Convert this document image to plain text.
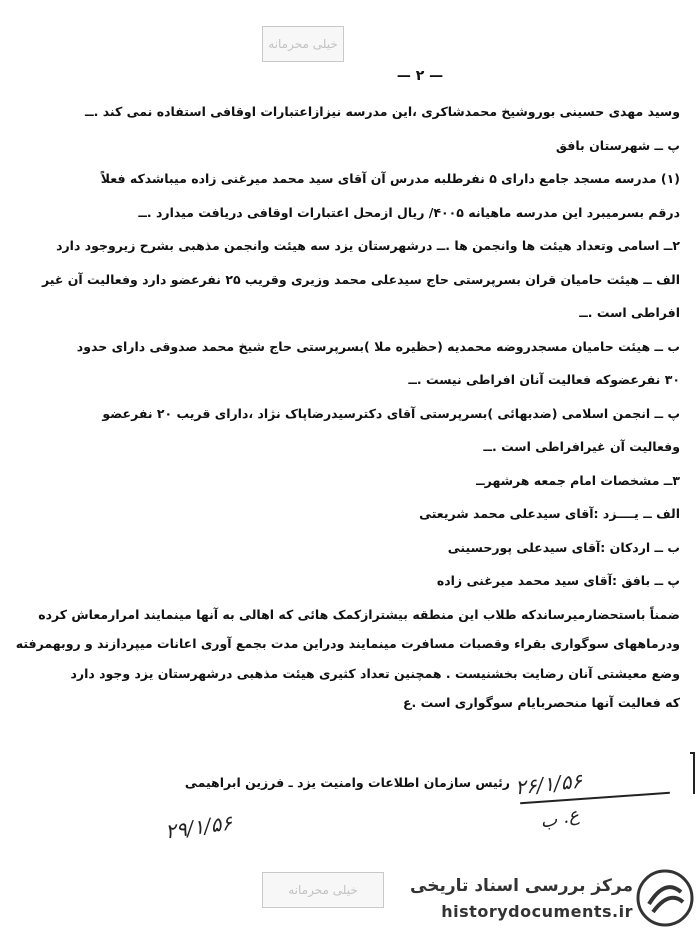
خیلی محرمانه
— ۲ —

وسید مهدی حسینی بوروشیخ محمدشاکری ،این مدرسه نیزازاعتبارات اوقافی استفاده نمی کند .ــ

پ ــ شهرستان بافق

(۱) مدرسه مسجد جامع دارای ۵ نفرطلبه مدرس آن آقای سید محمد میرغنی زاده میباشدکه فعلاً

درقم بسرمیبرد این مدرسه ماهیانه ۴۰۰۵/ ریال ازمحل اعتبارات اوقافی دریافت میدارد .ــ

۲ــ اسامی وتعداد هیئت ها وانجمن ها .ــ درشهرستان یزد سه هیئت وانجمن مذهبی بشرح زیروجود دارد

الف ــ هیئت حامیان قران بسرپرستی حاج سیدعلی محمد وزیری وقریب ۲۵ نفرعضو دارد وفعالیت آن غیر

افراطی است .ــ

ب ــ هیئت حامیان مسجدروضه محمدیه (حظیره ملا )بسرپرستی حاج شیخ محمد صدوقی دارای حدود

۳۰ نفرعضوکه فعالیت آنان افراطی نیست .ــ

پ ــ انجمن اسلامی (ضدبهائی )بسرپرستی آقای دکترسیدرضاپاک نژاد ،دارای قریب ۲۰ نفرعضو

وفعالیت آن غیرافراطی است .ــ

۳ــ مشخصات امام جمعه هرشهرــ

الف ــ یــــزد :آقای سیدعلی محمد شریعتی

ب ــ اردکان :آقای سیدعلی پورحسینی

پ ــ بافق :آقای سید محمد میرغنی زاده

ضمناً باستحضارمیرساندکه طلاب این منطقه بیشترازکمک هائی که اهالی به آنها مینمایند امرارمعاش کرده

ودرماههای سوگواری بقراء وقصبات مسافرت مینمایند ودراین مدت بجمع آوری اعانات میپردازند و روبهمرفته

وضع معیشتی آنان رضایت بخشنیست . همچنین تعداد کثیری هیئت مذهبی درشهرستان یزد وجود دارد

که فعالیت آنها منحصربایام سوگواری است .ع

رئیس سازمان اطلاعات وامنیت یزد ـ فرزین ابراهیمی ۲۶/۱/۵۶
ع. ب
۲۹/۱/۵۶
خیلی محرمانه	مرکز بررسی اسناد تاریخی
historydocuments.ir
